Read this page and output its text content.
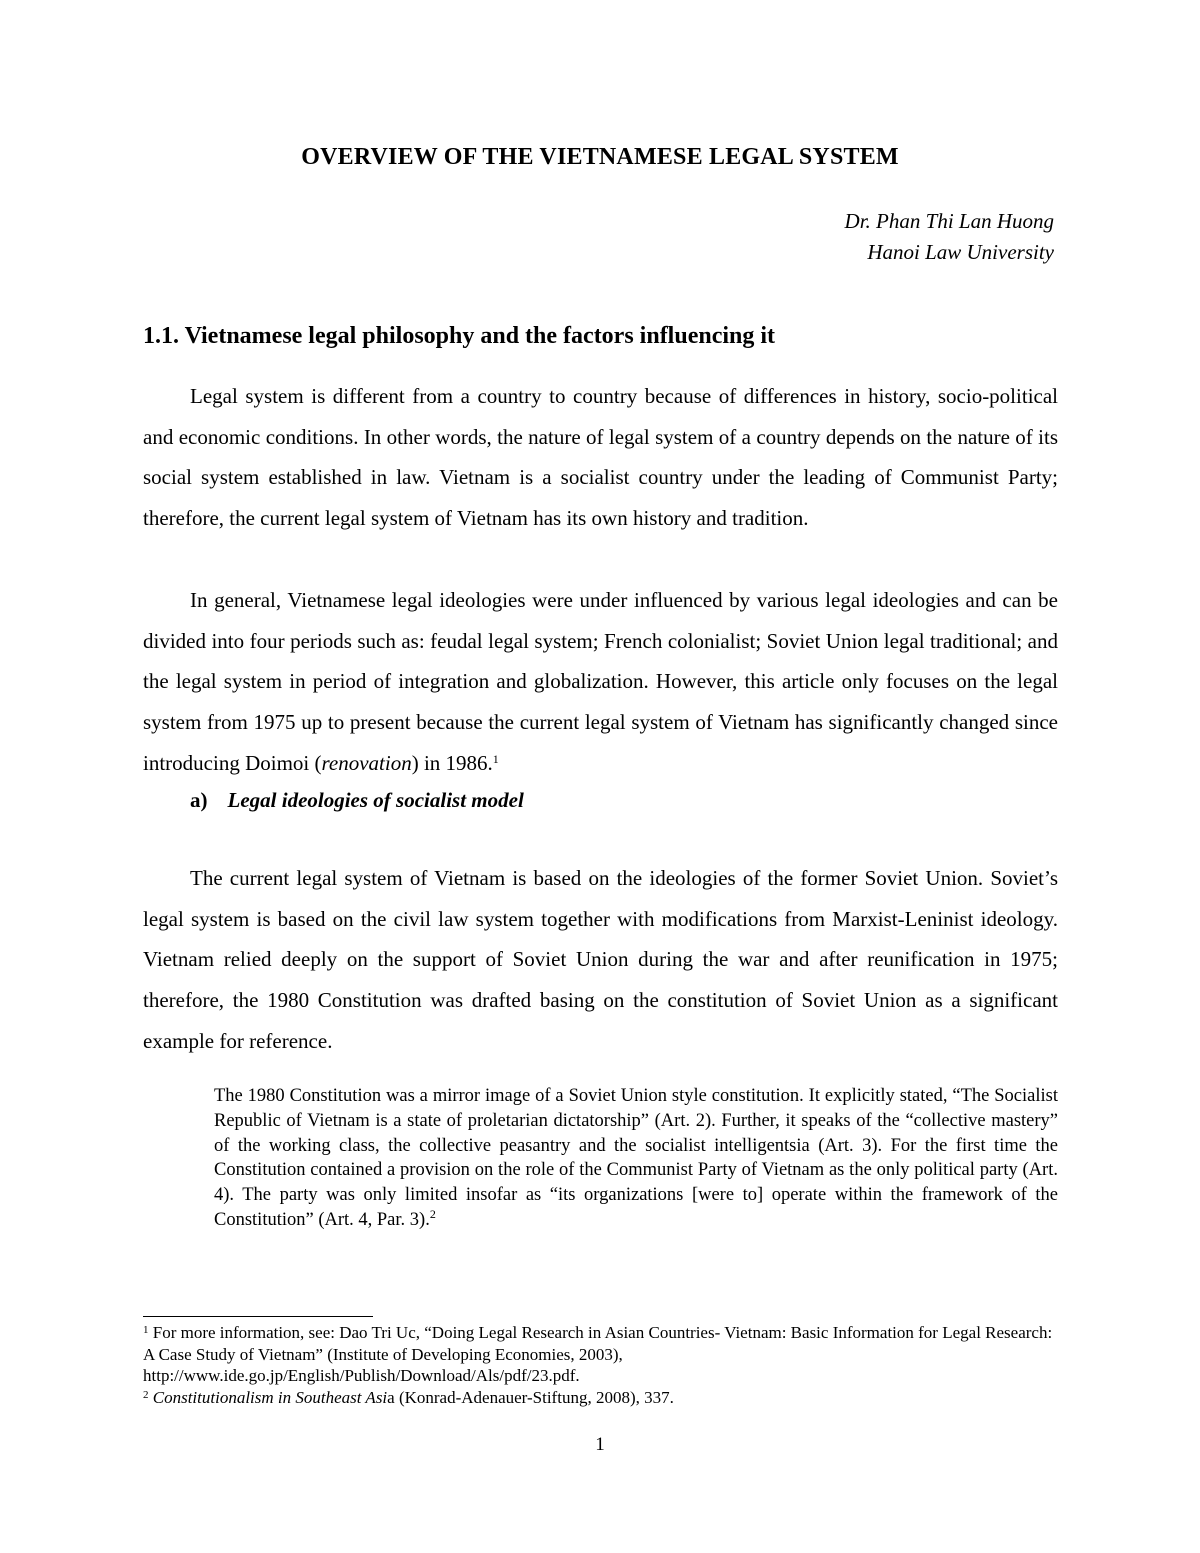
OVERVIEW OF THE VIETNAMESE LEGAL SYSTEM
Dr. Phan Thi Lan Huong
Hanoi Law University
1.1. Vietnamese legal philosophy and the factors influencing it

Legal system is different from a country to country because of differences in history, socio-political and economic conditions. In other words, the nature of legal system of a country depends on the nature of its social system established in law. Vietnam is a socialist country under the leading of Communist Party; therefore, the current legal system of Vietnam has its own history and tradition.

In general, Vietnamese legal ideologies were under influenced by various legal ideologies and can be divided into four periods such as: feudal legal system; French colonialist; Soviet Union legal traditional; and the legal system in period of integration and globalization. However, this article only focuses on the legal system from 1975 up to present because the current legal system of Vietnam has significantly changed since introducing Doimoi (renovation) in 1986.$^1$

a) Legal ideologies of socialist model

The current legal system of Vietnam is based on the ideologies of the former Soviet Union. Soviet’s legal system is based on the civil law system together with modifications from Marxist-Leninist ideology. Vietnam relied deeply on the support of Soviet Union during the war and after reunification in 1975; therefore, the 1980 Constitution was drafted basing on the constitution of Soviet Union as a significant example for reference.

The 1980 Constitution was a mirror image of a Soviet Union style constitution. It explicitly stated, “The Socialist Republic of Vietnam is a state of proletarian dictatorship” (Art. 2). Further, it speaks of the “collective mastery” of the working class, the collective peasantry and the socialist intelligentsia (Art. 3). For the first time the Constitution contained a provision on the role of the Communist Party of Vietnam as the only political party (Art. 4). The party was only limited insofar as “its organizations [were to] operate within the framework of the Constitution” (Art. 4, Par. 3).$^2$

$^1$ For more information, see: Dao Tri Uc, “Doing Legal Research in Asian Countries- Vietnam: Basic Information for Legal Research: A Case Study of Vietnam” (Institute of Developing Economies, 2003), http://www.ide.go.jp/English/Publish/Download/Als/pdf/23.pdf.

$^2$ Constitutionalism in Southeast Asia (Konrad-Adenauer-Stiftung, 2008), 337.

1
